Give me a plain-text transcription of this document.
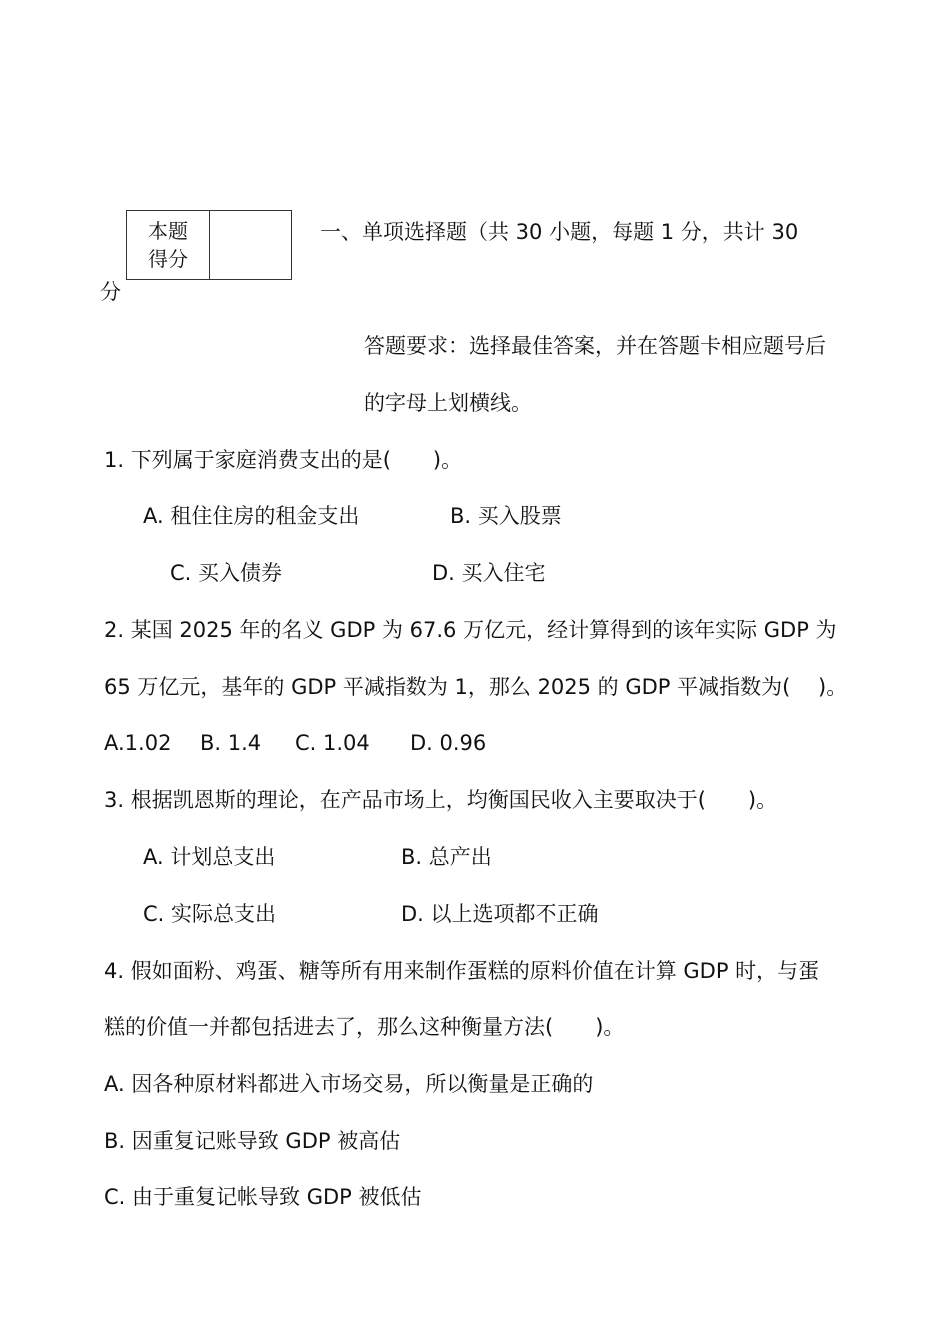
本题
得分
一、单项选择题（共 30 小题，每题 1 分，共计 30
分
答题要求：选择最佳答案，并在答题卡相应题号后
的字母上划横线。
1. 下列属于家庭消费支出的是(　　)。
A. 租住住房的租金支出	B. 买入股票
C. 买入债券	D. 买入住宅
2. 某国 2025 年的名义 GDP 为 67.6 万亿元，经计算得到的该年实际 GDP 为
65 万亿元，基年的 GDP 平减指数为 1，那么 2025 的 GDP 平减指数为(　 )。
A.1.02 B. 1.4 C. 1.04 D. 0.96
3. 根据凯恩斯的理论，在产品市场上，均衡国民收入主要取决于(　　)。
A. 计划总支出	B. 总产出
C. 实际总支出	D. 以上选项都不正确
4. 假如面粉、鸡蛋、糖等所有用来制作蛋糕的原料价值在计算 GDP 时，与蛋
糕的价值一并都包括进去了，那么这种衡量方法(　　)。
A. 因各种原材料都进入市场交易，所以衡量是正确的
B. 因重复记账导致 GDP 被高估
C. 由于重复记帐导致 GDP 被低估
